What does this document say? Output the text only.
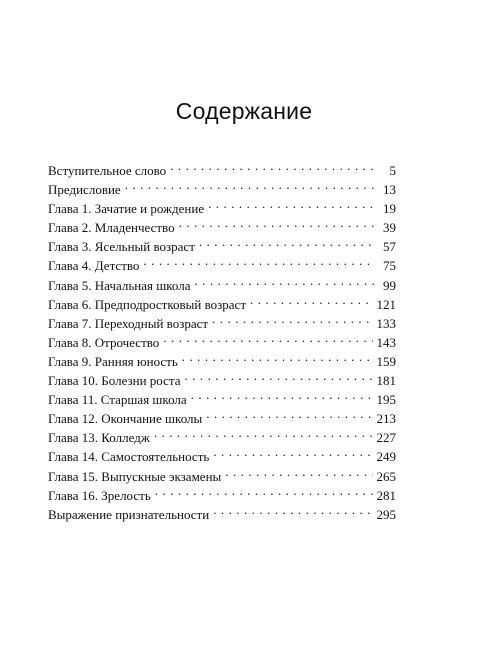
Содержание
Вступительное слово . . .	5
Предисловие . . .	13
Глава 1. Зачатие и рождение . . .	19
Глава 2. Младенчество . . .	39
Глава 3. Ясельный возраст . . .	57
Глава 4. Детство . . .	75
Глава 5. Начальная школа . . .	99
Глава 6. Предподростковый возраст . . .	121
Глава 7. Переходный возраст . . .	133
Глава 8. Отрочество . . .	143
Глава 9. Ранняя юность . . .	159
Глава 10. Болезни роста . . .	181
Глава 11. Старшая школа . . .	195
Глава 12. Окончание школы . . .	213
Глава 13. Колледж . . .	227
Глава 14. Самостоятельность . . .	249
Глава 15. Выпускные экзамены . . .	265
Глава 16. Зрелость . . .	281
Выражение признательности . . .	295
